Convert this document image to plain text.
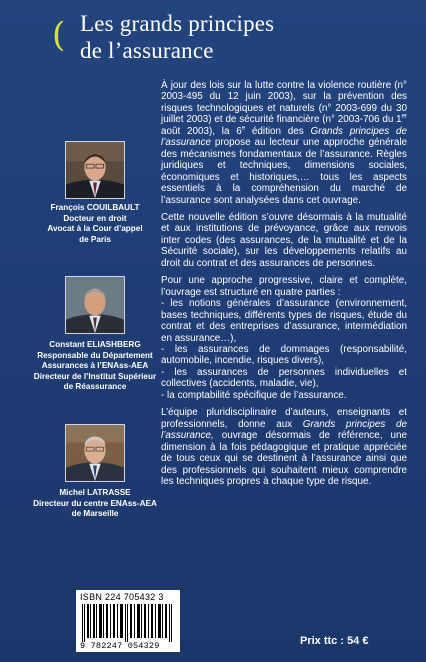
( Les grands principes
de l’assurance
François COUILBAULT
Docteur en droit
Avocat à la Cour d’appel
de Paris
Constant ELIASHBERG
Responsable du Département
Assurances à l’ENAss-AEA
Directeur de l’Institut Supérieur
de Réassurance
Michel LATRASSE
Directeur du centre ENAss-AEA
de Marseille

À jour des lois sur la lutte contre la violence routière (n° 2003-495 du 12 juin 2003), sur la prévention des risques technologiques et naturels (n° 2003-699 du 30 juillet 2003) et de sécurité financière (n° 2003-706 du 1er août 2003), la 6e édition des Grands principes de l’assurance propose au lecteur une approche générale des mécanismes fondamentaux de l’assurance. Règles juridiques et techniques, dimensions sociales, économiques et historiques,… tous les aspects essentiels à la compréhension du marché de l’assurance sont analysées dans cet ouvrage.

Cette nouvelle édition s’ouvre désormais à la mutualité et aux institutions de prévoyance, grâce aux renvois inter codes (des assurances, de la mutualité et de la Sécurité sociale), sur les développements relatifs au droit du contrat et des assurances de personnes.

Pour une approche progressive, claire et complète, l’ouvrage est structuré en quatre parties :
- les notions générales d’assurance (environnement, bases techniques, différents types de risques, étude du contrat et des entreprises d’assurance, intermédiation en assurance…),
- les assurances de dommages (responsabilité, automobile, incendie, risques divers),
- les assurances de personnes individuelles et collectives (accidents, maladie, vie),
- la comptabilité spécifique de l’assurance.

L’équipe pluridisciplinaire d’auteurs, enseignants et professionnels, donne aux Grands principes de l’assurance, ouvrage désormais de référence, une dimension à la fois pédagogique et pratique appréciée de tous ceux qui se destinent à l’assurance ainsi que des professionnels qui souhaitent mieux comprendre les techniques propres à chaque type de risque.

ISBN 224 705432 3
9 782247 054329	Prix ttc : 54 €
